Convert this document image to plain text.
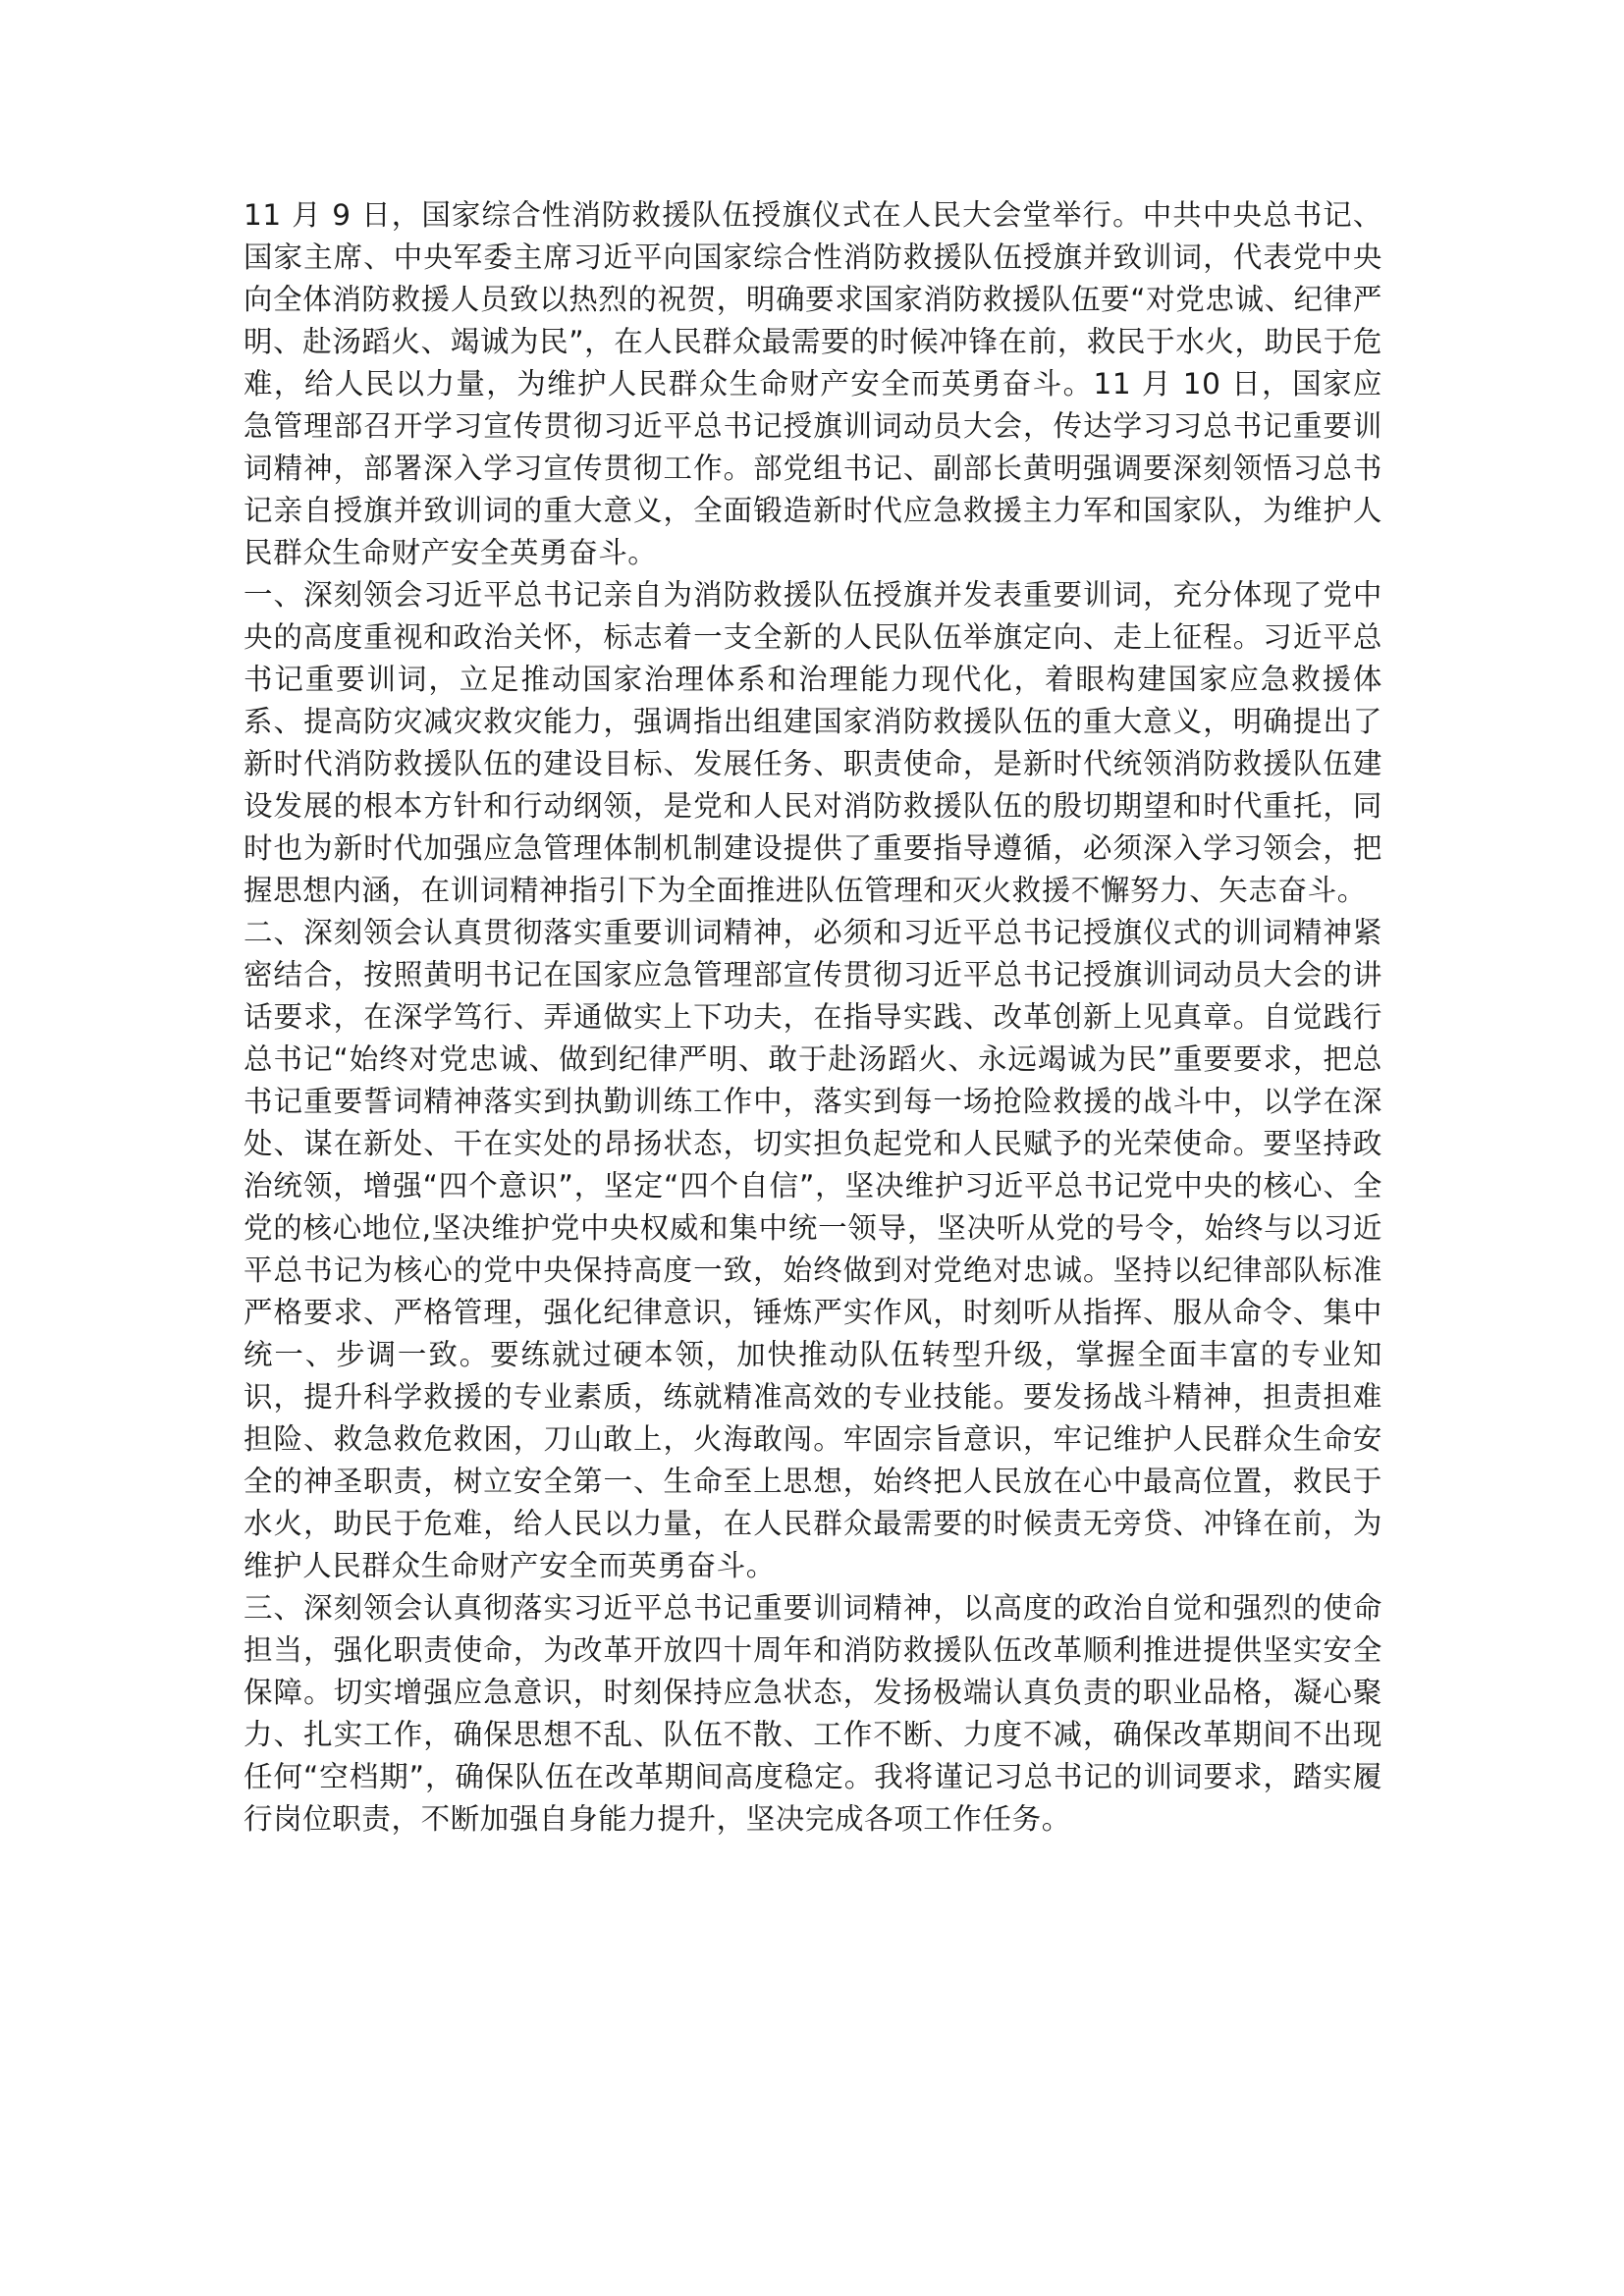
11 月 9 日，国家综合性消防救援队伍授旗仪式在人民大会堂举行。中共中央总书记、国家主席、中央军委主席习近平向国家综合性消防救援队伍授旗并致训词，代表党中央向全体消防救援人员致以热烈的祝贺，明确要求国家消防救援队伍要“对党忠诚、纪律严明、赴汤蹈火、竭诚为民”，在人民群众最需要的时候冲锋在前，救民于水火，助民于危难，给人民以力量，为维护人民群众生命财产安全而英勇奋斗。11 月 10 日，国家应急管理部召开学习宣传贯彻习近平总书记授旗训词动员大会，传达学习习总书记重要训词精神，部署深入学习宣传贯彻工作。部党组书记、副部长黄明强调要深刻领悟习总书记亲自授旗并致训词的重大意义，全面锻造新时代应急救援主力军和国家队，为维护人民群众生命财产安全英勇奋斗。

一、深刻领会习近平总书记亲自为消防救援队伍授旗并发表重要训词，充分体现了党中央的高度重视和政治关怀，标志着一支全新的人民队伍举旗定向、走上征程。习近平总书记重要训词，立足推动国家治理体系和治理能力现代化，着眼构建国家应急救援体系、提高防灾减灾救灾能力，强调指出组建国家消防救援队伍的重大意义，明确提出了新时代消防救援队伍的建设目标、发展任务、职责使命，是新时代统领消防救援队伍建设发展的根本方针和行动纲领，是党和人民对消防救援队伍的殷切期望和时代重托，同时也为新时代加强应急管理体制机制建设提供了重要指导遵循，必须深入学习领会，把握思想内涵，在训词精神指引下为全面推进队伍管理和灭火救援不懈努力、矢志奋斗。

二、深刻领会认真贯彻落实重要训词精神，必须和习近平总书记授旗仪式的训词精神紧密结合，按照黄明书记在国家应急管理部宣传贯彻习近平总书记授旗训词动员大会的讲话要求，在深学笃行、弄通做实上下功夫，在指导实践、改革创新上见真章。自觉践行总书记“始终对党忠诚、做到纪律严明、敢于赴汤蹈火、永远竭诚为民”重要要求，把总书记重要誓词精神落实到执勤训练工作中，落实到每一场抢险救援的战斗中，以学在深处、谋在新处、干在实处的昂扬状态，切实担负起党和人民赋予的光荣使命。要坚持政治统领，增强“四个意识”，坚定“四个自信”，坚决维护习近平总书记党中央的核心、全党的核心地位,坚决维护党中央权威和集中统一领导，坚决听从党的号令，始终与以习近平总书记为核心的党中央保持高度一致，始终做到对党绝对忠诚。坚持以纪律部队标准严格要求、严格管理，强化纪律意识，锤炼严实作风，时刻听从指挥、服从命令、集中统一、步调一致。要练就过硬本领，加快推动队伍转型升级，掌握全面丰富的专业知识，提升科学救援的专业素质，练就精准高效的专业技能。要发扬战斗精神，担责担难担险、救急救危救困，刀山敢上，火海敢闯。牢固宗旨意识，牢记维护人民群众生命安全的神圣职责，树立安全第一、生命至上思想，始终把人民放在心中最高位置，救民于水火，助民于危难，给人民以力量，在人民群众最需要的时候责无旁贷、冲锋在前，为维护人民群众生命财产安全而英勇奋斗。

三、深刻领会认真彻落实习近平总书记重要训词精神，以高度的政治自觉和强烈的使命担当，强化职责使命，为改革开放四十周年和消防救援队伍改革顺利推进提供坚实安全保障。切实增强应急意识，时刻保持应急状态，发扬极端认真负责的职业品格，凝心聚力、扎实工作，确保思想不乱、队伍不散、工作不断、力度不减，确保改革期间不出现任何“空档期”，确保队伍在改革期间高度稳定。我将谨记习总书记的训词要求，踏实履行岗位职责，不断加强自身能力提升，坚决完成各项工作任务。
